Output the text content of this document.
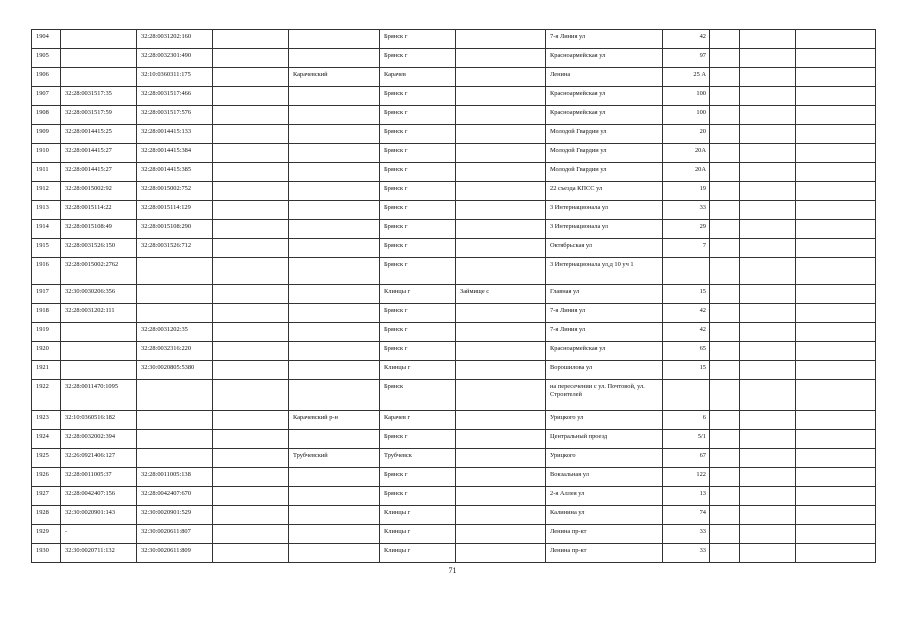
1904		32:28:0031202:160			Брянск г		7-я Линия ул	42			
1905		32:28:0032301:490			Брянск г		Красноармейская ул	97			
1906		32:10:0360311:175		Карачевский	Карачев		Ленина	25 А			
1907	32:28:0031517:35	32:28:0031517:466			Брянск г		Красноармейская ул	100			
1908	32:28:0031517:59	32:28:0031517:576			Брянск г		Красноармейская ул	100			
1909	32:28:0014415:25	32:28:0014415:133			Брянск г		Молодой Гвардии ул	20			
1910	32:28:0014415:27	32:28:0014415:384			Брянск г		Молодой Гвардии ул	20А			
1911	32:28:0014415:27	32:28:0014415:385			Брянск г		Молодой Гвардии ул	20А			
1912	32:28:0015002:92	32:28:0015002:752			Брянск г		22 съезда КПСС ул	19			
1913	32:28:0015114:22	32:28:0015114:129			Брянск г		3 Интернационала ул	33			
1914	32:28:0015108:49	32:28:0015108:290			Брянск г		3 Интернационала ул	29			
1915	32:28:0031526:150	32:28:0031526:712			Брянск г		Октябрьская ул	7			
1916	32:28:0015002:2762				Брянск г		3 Интернационала ул,д 10 уч 1				
1917	32:30:0030206:356				Клинцы г	Займище с	Главная ул	15			
1918	32:28:0031202:111				Брянск г		7-я Линия ул	42			
1919		32:28:0031202:35			Брянск г		7-я Линия ул	42			
1920		32:28:0032316:220			Брянск г		Красноармейская ул	65			
1921		32:30:0020805:5380			Клинцы г		Ворошилова ул	15			
1922	32:28:0011470:1095				Брянск		на пересечении с ул. Почтовой, ул. Строителей				
1923	32:10:0360516:182			Карачевский р-н	Карачев г		Урицкого ул	6			
1924	32:28:0032002:394				Брянск г		Центральный проезд	5/1			
1925	32:26:0921406:127			Трубчевский	Трубчевск		Урицкого	67			
1926	32:28:0011005:37	32:28:0011005:138			Брянск г		Вокзальная ул	122			
1927	32:28:0042407:156	32:28:0042407:670			Брянск г		2-я Аллея ул	13			
1928	32:30:0020901:143	32:30:0020901:529			Клинцы г		Калинина ул	74			
1929	-	32:30:0020611:807			Клинцы г		Ленина пр-кт	33			
1930	32:30:0020711:132	32:30:0020611:809			Клинцы г		Ленина пр-кт	33			
71
